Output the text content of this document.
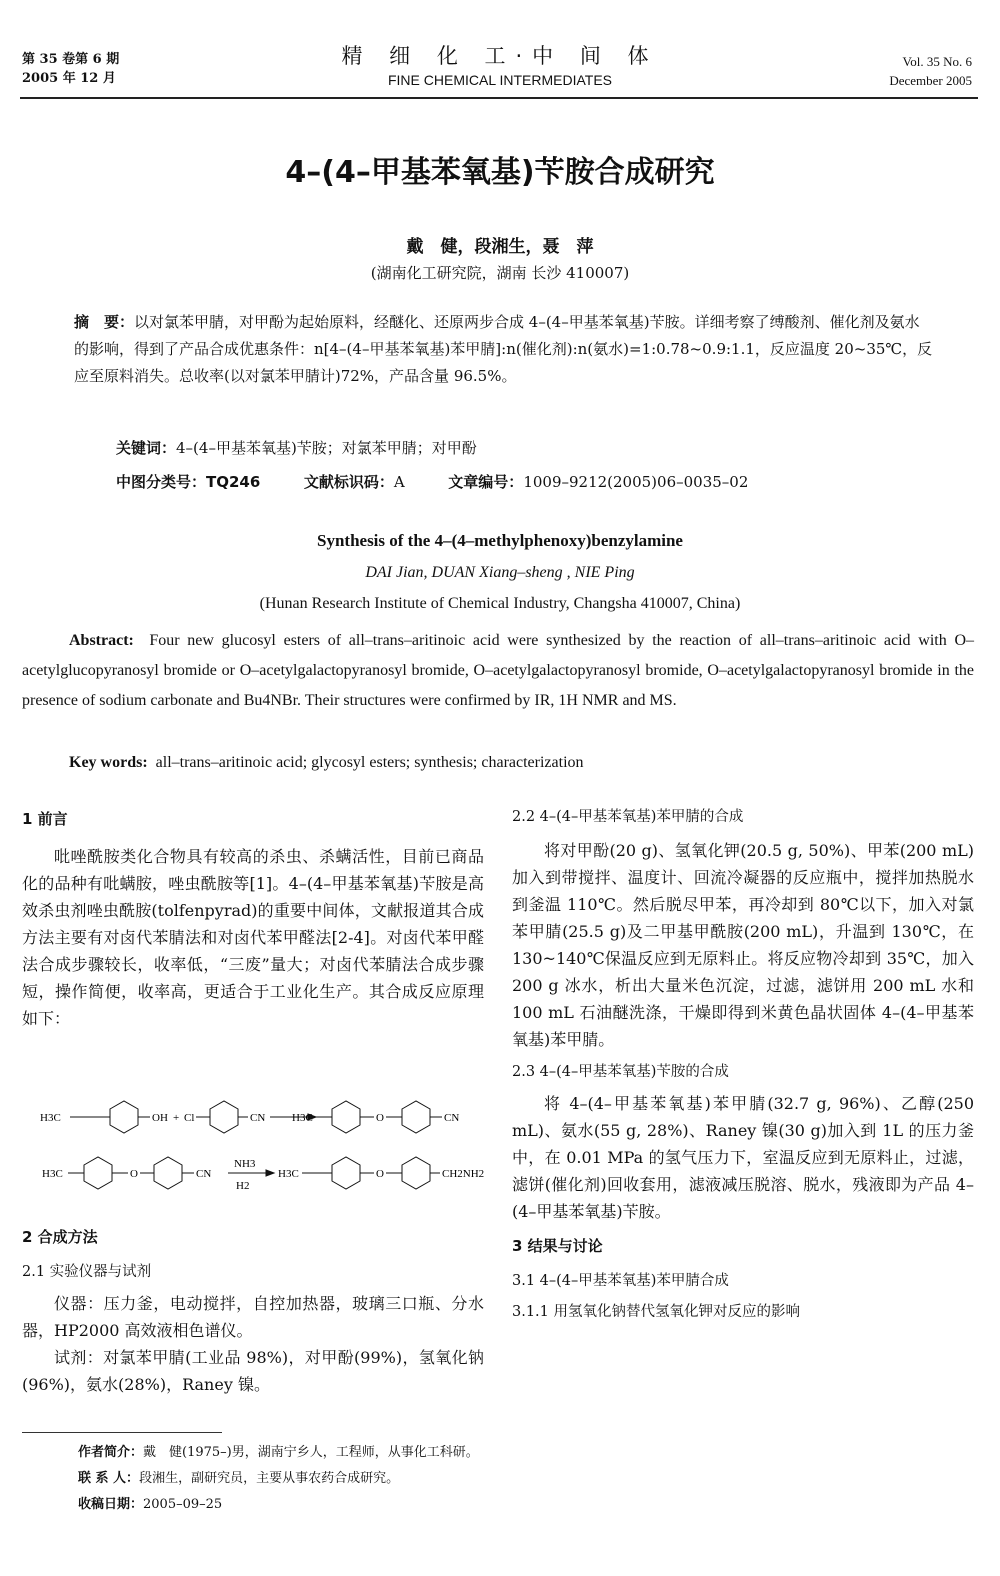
第 35 卷第 6 期
2005 年 12 月
精 细 化 工·中 间 体
FINE CHEMICAL INTERMEDIATES
Vol. 35 No. 6
December 2005
4–(4–甲基苯氧基)苄胺合成研究
戴　健，段湘生，聂　萍
(湖南化工研究院，湖南 长沙 410007)
摘　要：以对氯苯甲腈，对甲酚为起始原料，经醚化、还原两步合成 4–(4–甲基苯氧基)苄胺。详细考察了缚酸剂、催化剂及氨水的影响，得到了产品合成优惠条件：n[4–(4–甲基苯氧基)苯甲腈]:n(催化剂):n(氨水)=1:0.78~0.9:1.1，反应温度 20~35℃，反应至原料消失。总收率(以对氯苯甲腈计)72%，产品含量 96.5%。
关键词：4–(4–甲基苯氧基)苄胺；对氯苯甲腈；对甲酚
中图分类号：TQ246	文献标识码：A	文章编号：1009–9212(2005)06–0035–02
Synthesis of the 4–(4–methylphenoxy)benzylamine
DAI Jian, DUAN Xiang–sheng , NIE Ping
(Hunan Research Institute of Chemical Industry, Changsha 410007, China)
Abstract: Four new glucosyl esters of all–trans–aritinoic acid were synthesized by the reaction of all–trans–aritinoic acid with O–acetylglucopyranosyl bromide or O–acetylgalactopyranosyl bromide, O–acetylgalactopyranosyl bromide, O–acetylgalactopyranosyl bromide in the presence of sodium carbonate and Bu4NBr. Their structures were confirmed by IR, 1H NMR and MS.
Key words: all–trans–aritinoic acid; glycosyl esters; synthesis; characterization
1 前言
吡唑酰胺类化合物具有较高的杀虫、杀螨活性，目前已商品化的品种有吡螨胺，唑虫酰胺等[1]。4–(4–甲基苯氧基)苄胺是高效杀虫剂唑虫酰胺(tolfenpyrad)的重要中间体，文献报道其合成方法主要有对卤代苯腈法和对卤代苯甲醛法[2-4]。对卤代苯甲醛法合成步骤较长，收率低，“三废”量大；对卤代苯腈法合成步骤短，操作简便，收率高，更适合于工业化生产。其合成反应原理如下：
H3C	OH + Cl	CN H3C	O	CN
H3C	O	CN
NH3
H2
H3C	O	CH2NH2
2 合成方法
2.1 实验仪器与试剂
仪器：压力釜，电动搅拌，自控加热器，玻璃三口瓶、分水器，HP2000 高效液相色谱仪。
试剂：对氯苯甲腈(工业品 98%)，对甲酚(99%)，氢氧化钠(96%)，氨水(28%)，Raney 镍。
2.2 4–(4–甲基苯氧基)苯甲腈的合成
将对甲酚(20 g)、氢氧化钾(20.5 g, 50%)、甲苯(200 mL)加入到带搅拌、温度计、回流冷凝器的反应瓶中，搅拌加热脱水到釜温 110℃。然后脱尽甲苯，再冷却到 80℃以下，加入对氯苯甲腈(25.5 g)及二甲基甲酰胺(200 mL)，升温到 130℃，在 130~140℃保温反应到无原料止。将反应物冷却到 35℃，加入 200 g 冰水，析出大量米色沉淀，过滤，滤饼用 200 mL 水和 100 mL 石油醚洗涤，干燥即得到米黄色晶状固体 4–(4–甲基苯氧基)苯甲腈。
2.3 4–(4–甲基苯氧基)苄胺的合成
将 4–(4–甲基苯氧基)苯甲腈(32.7 g, 96%)、乙醇(250 mL)、氨水(55 g, 28%)、Raney 镍(30 g)加入到 1L 的压力釜中，在 0.01 MPa 的氢气压力下，室温反应到无原料止，过滤，滤饼(催化剂)回收套用，滤液减压脱溶、脱水，残液即为产品 4–(4–甲基苯氧基)苄胺。
3 结果与讨论
3.1 4–(4–甲基苯氧基)苯甲腈合成
3.1.1 用氢氧化钠替代氢氧化钾对反应的影响
作者简介：戴　健(1975–)男，湖南宁乡人，工程师，从事化工科研。
联 系 人：段湘生，副研究员，主要从事农药合成研究。
收稿日期：2005–09–25
